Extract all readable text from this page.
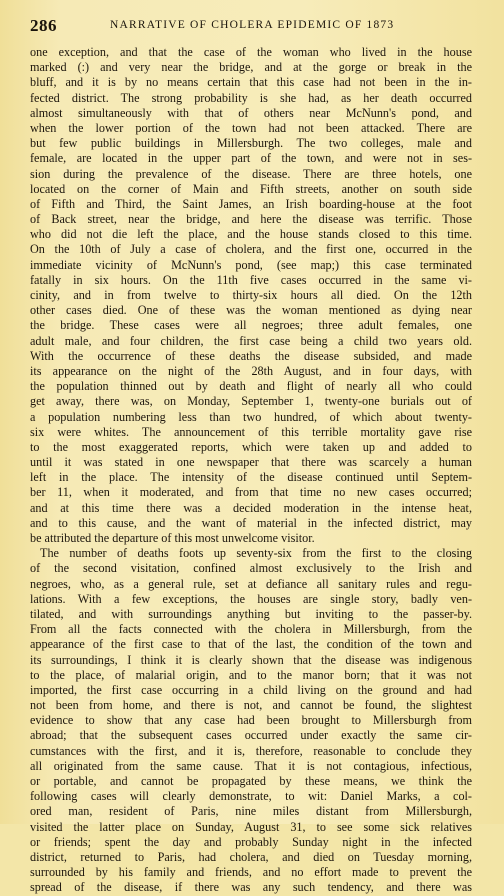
286	NARRATIVE OF CHOLERA EPIDEMIC OF 1873
one exception, and that the case of the woman who lived in the house
marked (:) and very near the bridge, and at the gorge or break in the
bluff, and it is by no means certain that this case had not been in the in-
fected district. The strong probability is she had, as her death occurred
almost simultaneously with that of others near McNunn's pond, and
when the lower portion of the town had not been attacked. There are
but few public buildings in Millersburgh. The two colleges, male and
female, are located in the upper part of the town, and were not in ses-
sion during the prevalence of the disease. There are three hotels, one
located on the corner of Main and Fifth streets, another on south side
of Fifth and Third, the Saint James, an Irish boarding-house at the foot
of Back street, near the bridge, and here the disease was terrific. Those
who did not die left the place, and the house stands closed to this time.
On the 10th of July a case of cholera, and the first one, occurred in the
immediate vicinity of McNunn's pond, (see map;) this case terminated
fatally in six hours. On the 11th five cases occurred in the same vi-
cinity, and in from twelve to thirty-six hours all died. On the 12th
other cases died. One of these was the woman mentioned as dying near
the bridge. These cases were all negroes; three adult females, one
adult male, and four children, the first case being a child two years old.
With the occurrence of these deaths the disease subsided, and made
its appearance on the night of the 28th August, and in four days, with
the population thinned out by death and flight of nearly all who could
get away, there was, on Monday, September 1, twenty-one burials out of
a population numbering less than two hundred, of which about twenty-
six were whites. The announcement of this terrible mortality gave rise
to the most exaggerated reports, which were taken up and added to
until it was stated in one newspaper that there was scarcely a human
left in the place. The intensity of the disease continued until Septem-
ber 11, when it moderated, and from that time no new cases occurred;
and at this time there was a decided moderation in the intense heat,
and to this cause, and the want of material in the infected district, may
be attributed the departure of this most unwelcome visitor.
The number of deaths foots up seventy-six from the first to the closing
of the second visitation, confined almost exclusively to the Irish and
negroes, who, as a general rule, set at defiance all sanitary rules and regu-
lations. With a few exceptions, the houses are single story, badly ven-
tilated, and with surroundings anything but inviting to the passer-by.
From all the facts connected with the cholera in Millersburgh, from the
appearance of the first case to that of the last, the condition of the town and
its surroundings, I think it is clearly shown that the disease was indigenous
to the place, of malarial origin, and to the manor born; that it was not
imported, the first case occurring in a child living on the ground and had
not been from home, and there is not, and cannot be found, the slightest
evidence to show that any case had been brought to Millersburgh from
abroad; that the subsequent cases occurred under exactly the same cir-
cumstances with the first, and it is, therefore, reasonable to conclude they
all originated from the same cause. That it is not contagious, infectious,
or portable, and cannot be propagated by these means, we think the
following cases will clearly demonstrate, to wit: Daniel Marks, a col-
ored man, resident of Paris, nine miles distant from Millersburgh,
visited the latter place on Sunday, August 31, to see some sick relatives
or friends; spent the day and probably Sunday night in the infected
district, returned to Paris, had cholera, and died on Tuesday morning,
surrounded by his family and friends, and no effort made to prevent the
spread of the disease, if there was any such tendency, and there was
